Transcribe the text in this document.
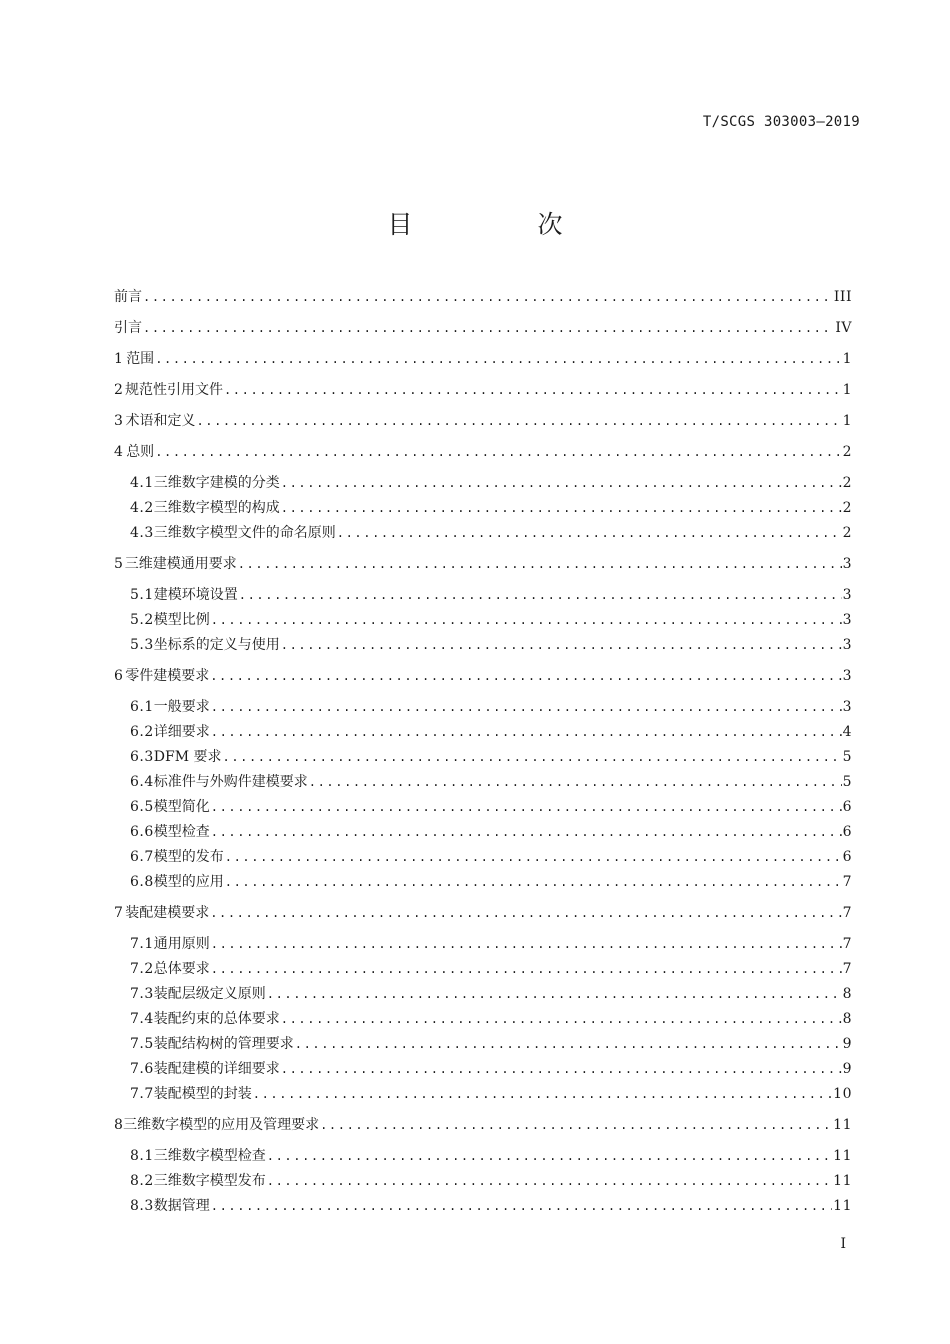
T/SCGS 303003—2019
目　次
前言 .....	III
引言 .....	IV
1 范围 .....	1
2 规范性引用文件 .....	1
3 术语和定义 .....	1
4 总则 .....	2
4.1 三维数字建模的分类 .....	2
4.2 三维数字模型的构成 .....	2
4.3 三维数字模型文件的命名原则 .....	2
5 三维建模通用要求 .....	3
5.1 建模环境设置 .....	3
5.2 模型比例 .....	3
5.3 坐标系的定义与使用 .....	3
6 零件建模要求 .....	3
6.1 一般要求 .....	3
6.2 详细要求 .....	4
6.3 DFM 要求 .....	5
6.4 标准件与外购件建模要求 .....	5
6.5 模型简化 .....	6
6.6 模型检查 .....	6
6.7 模型的发布 .....	6
6.8 模型的应用 .....	7
7 装配建模要求 .....	7
7.1 通用原则 .....	7
7.2 总体要求 .....	7
7.3 装配层级定义原则 .....	8
7.4 装配约束的总体要求 .....	8
7.5 装配结构树的管理要求 .....	9
7.6 装配建模的详细要求 .....	9
7.7 装配模型的封装 .....	10
8 三维数字模型的应用及管理要求 .....	11
8.1 三维数字模型检查 .....	11
8.2 三维数字模型发布 .....	11
8.3 数据管理 .....	11
I
